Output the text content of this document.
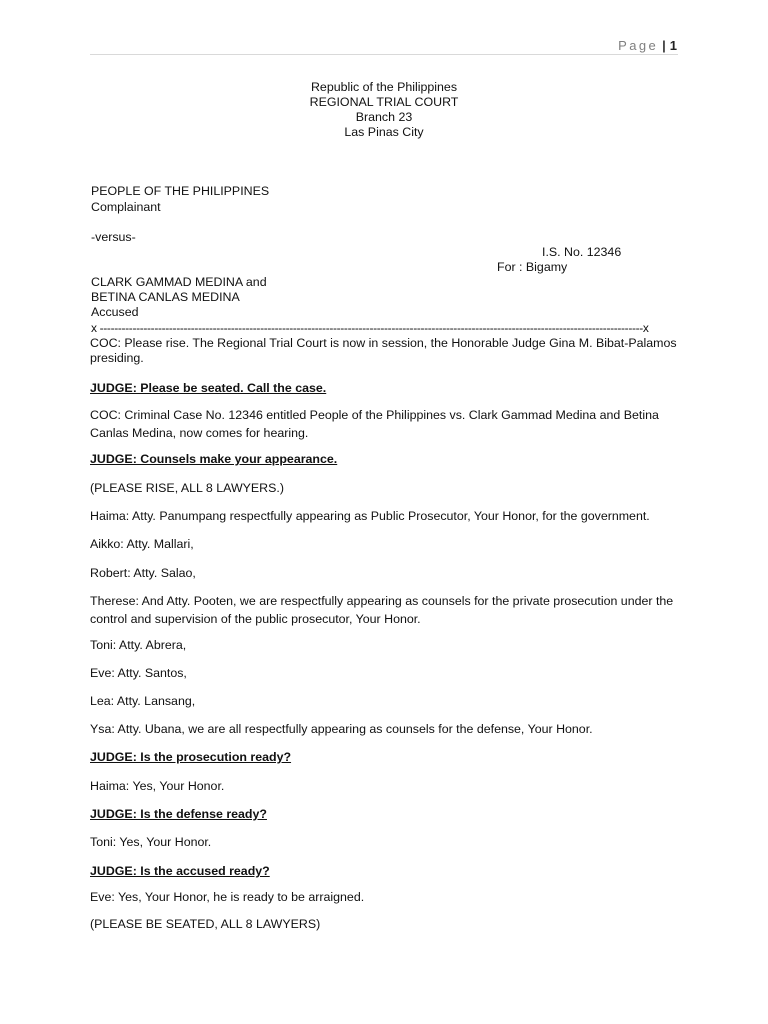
Page | 1
Republic of the Philippines
REGIONAL TRIAL COURT
Branch 23
Las Pinas City
PEOPLE OF THE PHILIPPINES
Complainant
-versus-
I.S. No. 12346
For : Bigamy
CLARK GAMMAD MEDINA and
BETINA CANLAS MEDINA
Accused
x -----------------------------------------------------------------------------------------------------------------------------------------------------x

COC: Please rise. The Regional Trial Court is now in session, the Honorable Judge Gina M. Bibat-Palamos presiding.

JUDGE: Please be seated. Call the case.

COC: Criminal Case No. 12346 entitled People of the Philippines vs. Clark Gammad Medina and Betina Canlas Medina, now comes for hearing.

JUDGE: Counsels make your appearance.

(PLEASE RISE, ALL 8 LAWYERS.)

Haima: Atty. Panumpang respectfully appearing as Public Prosecutor, Your Honor, for the government.

Aikko: Atty. Mallari,

Robert: Atty. Salao,

Therese: And Atty. Pooten, we are respectfully appearing as counsels for the private prosecution under the control and supervision of the public prosecutor, Your Honor.

Toni: Atty. Abrera,

Eve: Atty. Santos,

Lea: Atty. Lansang,

Ysa: Atty. Ubana, we are all respectfully appearing as counsels for the defense, Your Honor.

JUDGE: Is the prosecution ready?

Haima: Yes, Your Honor.

JUDGE: Is the defense ready?

Toni: Yes, Your Honor.

JUDGE: Is the accused ready?

Eve: Yes, Your Honor, he is ready to be arraigned.

(PLEASE BE SEATED, ALL 8 LAWYERS)
